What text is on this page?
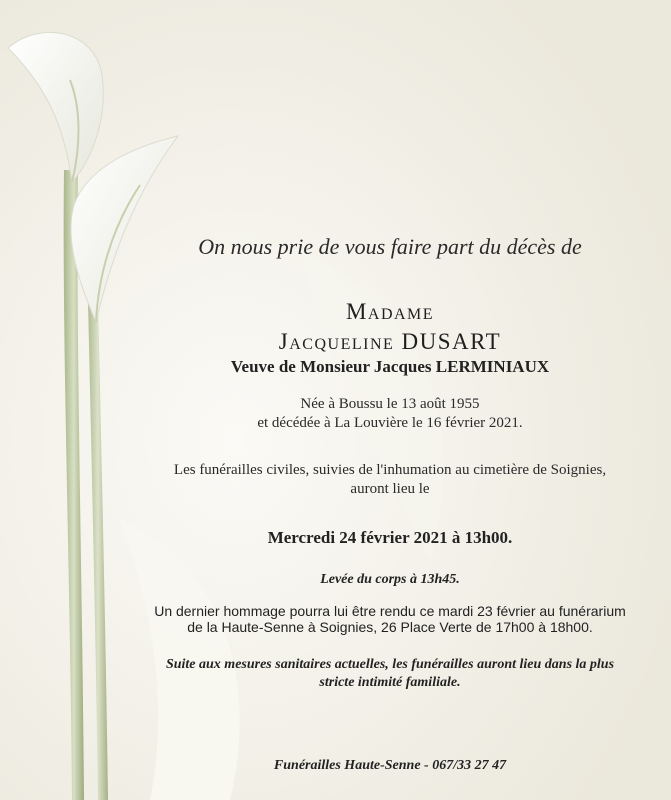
On nous prie de vous faire part du décès de
Madame
Jacqueline DUSART
Veuve de Monsieur Jacques LERMINIAUX
Née à Boussu le 13 août 1955
et décédée à La Louvière le 16 février 2021.
Les funérailles civiles, suivies de l'inhumation au cimetière de Soignies,
auront lieu le
Mercredi 24 février 2021 à 13h00.
Levée du corps à 13h45.
Un dernier hommage pourra lui être rendu ce mardi 23 février au funérarium
de la Haute-Senne à Soignies, 26 Place Verte de 17h00 à 18h00.
Suite aux mesures sanitaires actuelles, les funérailles auront lieu dans la plus
stricte intimité familiale.
Funérailles Haute-Senne - 067/33 27 47
